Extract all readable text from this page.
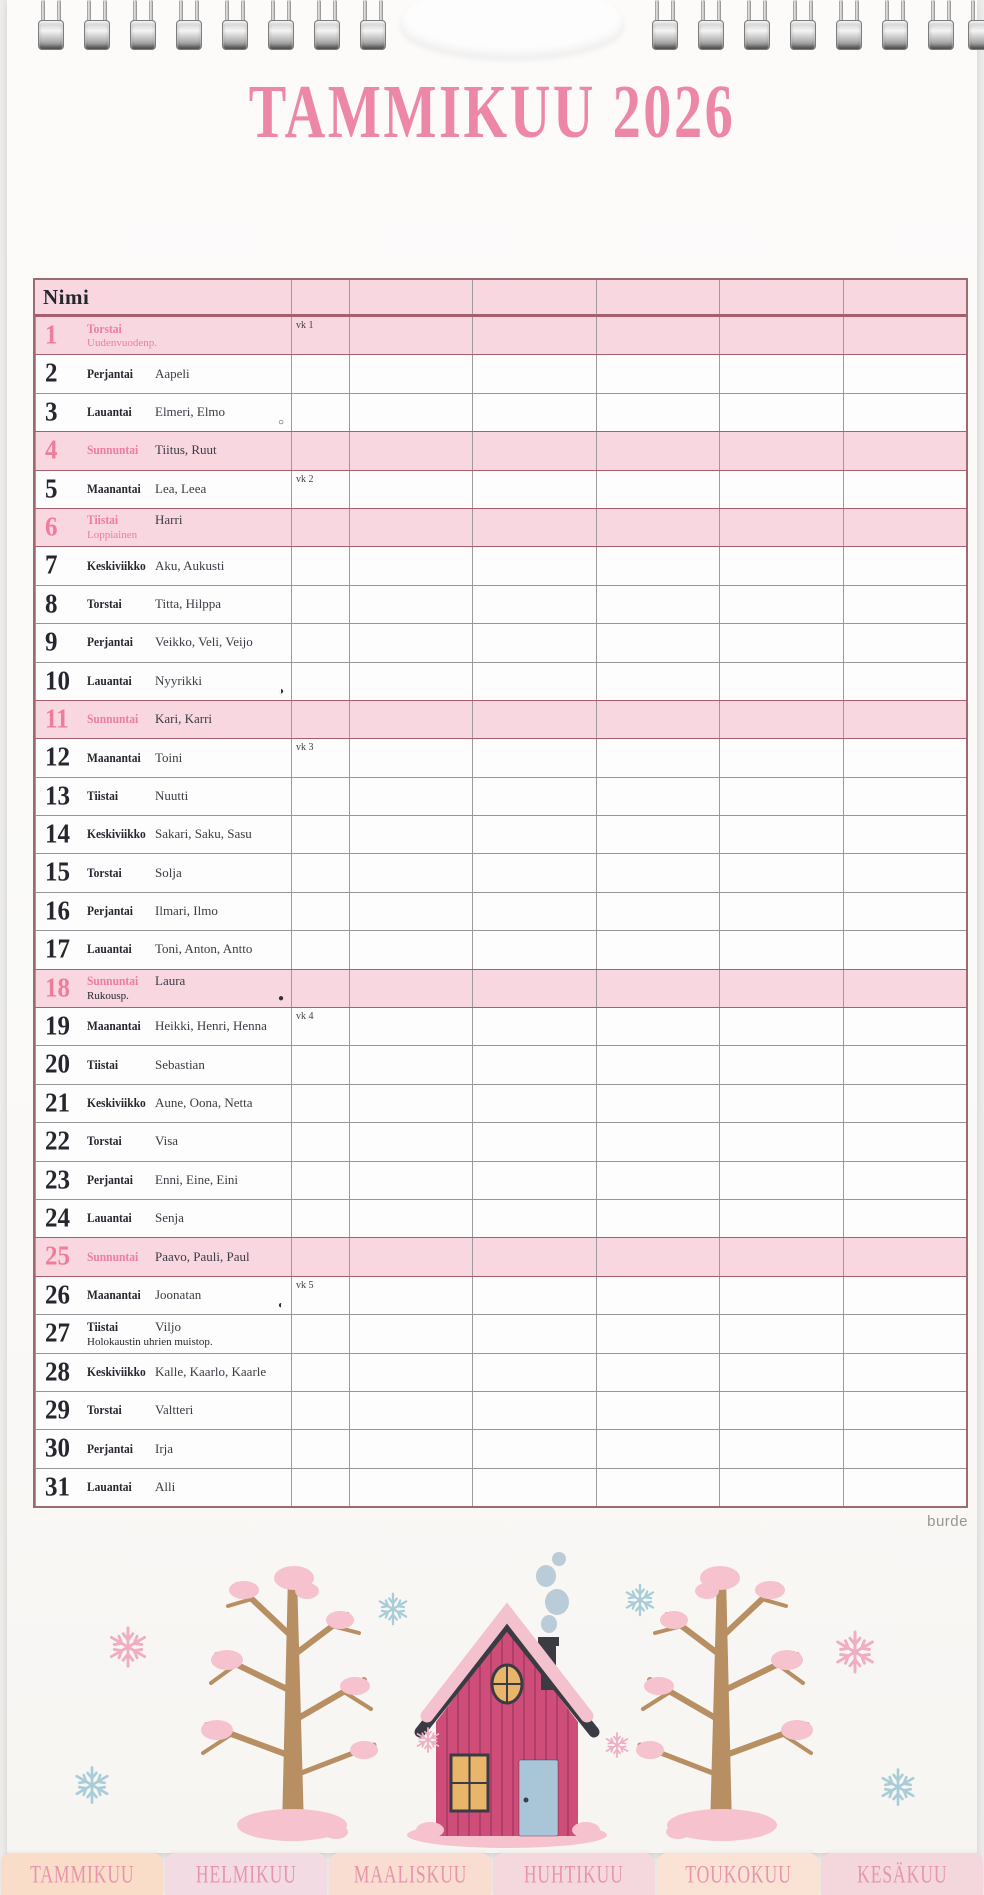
TAMMIKUU 2026
Nimi
1	Torstai
Uudenvuodenp.
vk 1
2	Perjantai	Aapeli
3	Lauantai	Elmeri, Elmo
○
4	Sunnuntai	Tiitus, Ruut
5	Maanantai	Lea, Leea
vk 2
6	Tiistai	Harri
Loppiainen
7	Keskiviikko Aku, Aukusti
8	Torstai	Titta, Hilppa
9	Perjantai	Veikko, Veli, Veijo
10	Lauantai	Nyyrikki
◑
11	Sunnuntai	Kari, Karri
12	Maanantai	Toini
vk 3
13	Tiistai	Nuutti
14	Keskiviikko Sakari, Saku, Sasu
15	Torstai	Solja
16	Perjantai	Ilmari, Ilmo
17	Lauantai	Toni, Anton, Antto
18	Sunnuntai	Laura
Rukousp.	●
19	Maanantai	Heikki, Henri, Henna
vk 4
20	Tiistai	Sebastian
21	Keskiviikko Aune, Oona, Netta
22	Torstai	Visa
23	Perjantai	Enni, Eine, Eini
24	Lauantai	Senja
25	Sunnuntai	Paavo, Pauli, Paul
26	Maanantai	Joonatan
◐
vk 5
27	Tiistai	Viljo
Holokaustin uhrien muistop.
28	Keskiviikko Kalle, Kaarlo, Kaarle
29	Torstai	Valtteri
30	Perjantai	Irja
31	Lauantai	Alli
burde
TAMMIKUU	HELMIKUU	MAALISKUU	HUHTIKUU	TOUKOKUU	KESÄKUU
